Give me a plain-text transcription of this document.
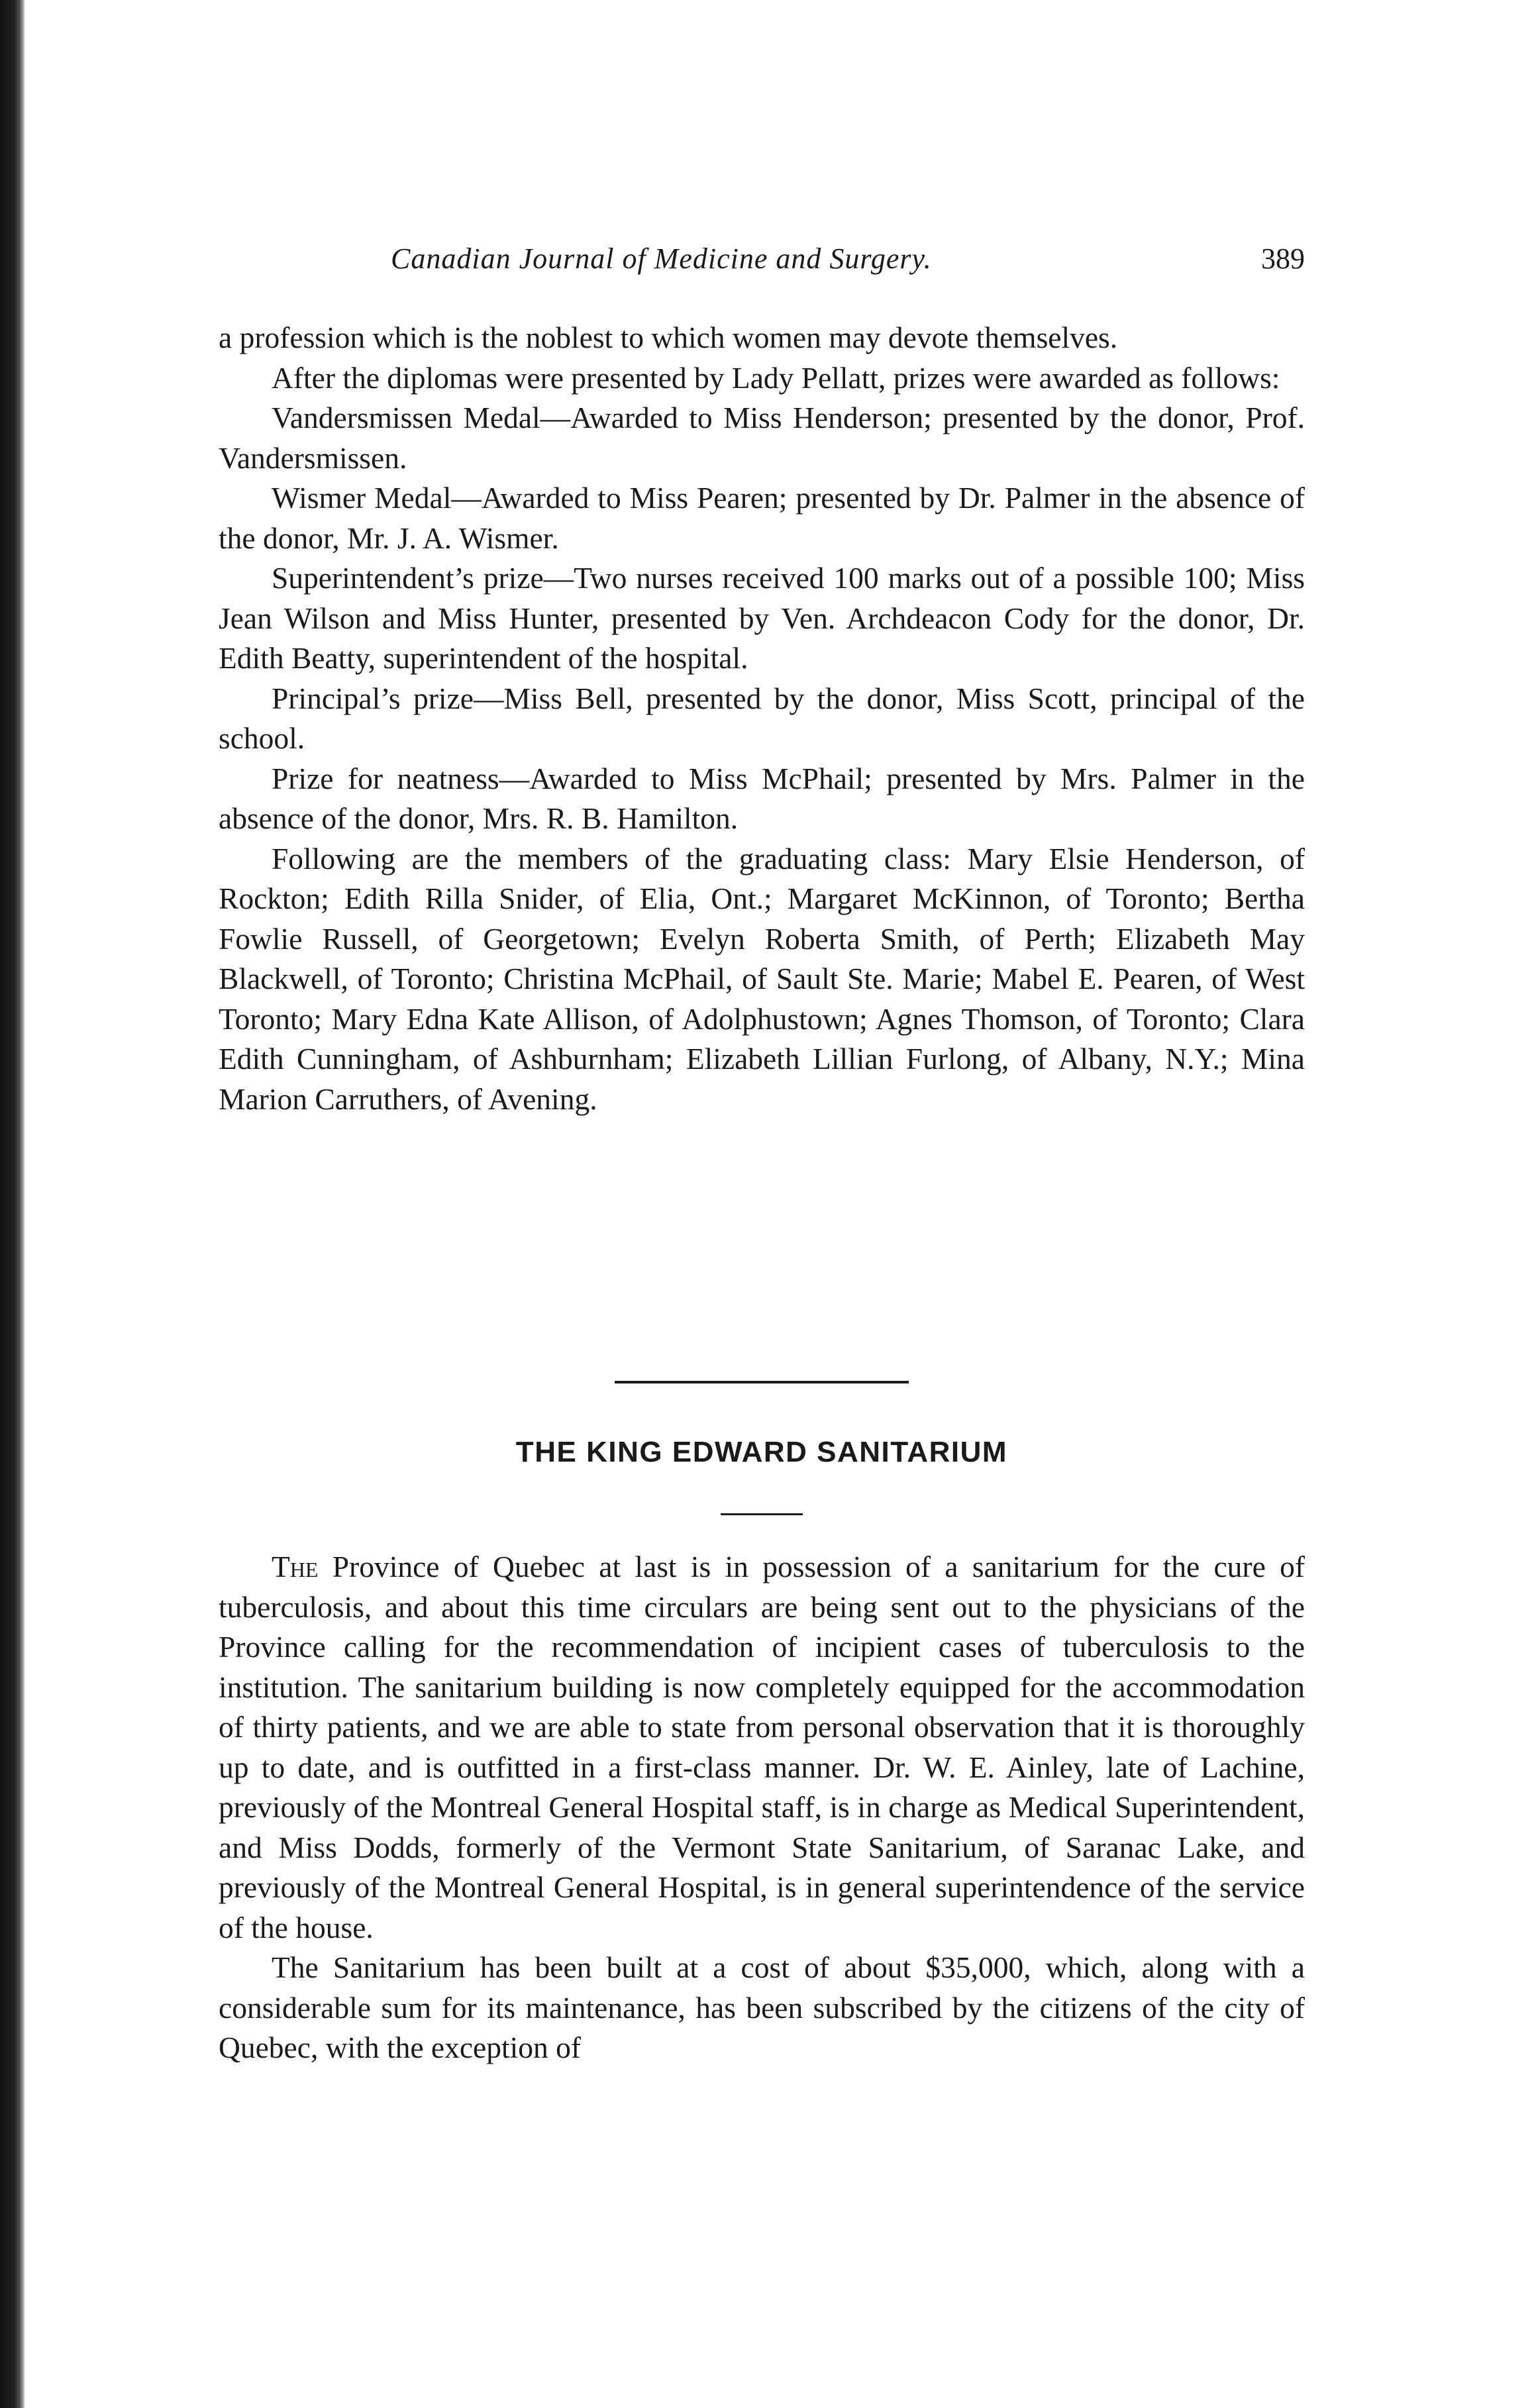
Canadian Journal of Medicine and Surgery.	389

a profession which is the noblest to which women may devote themselves.

After the diplomas were presented by Lady Pellatt, prizes were awarded as follows:

Vandersmissen Medal—Awarded to Miss Henderson; presented by the donor, Prof. Vandersmissen.

Wismer Medal—Awarded to Miss Pearen; presented by Dr. Palmer in the absence of the donor, Mr. J. A. Wismer.

Superintendent’s prize—Two nurses received 100 marks out of a possible 100; Miss Jean Wilson and Miss Hunter, presented by Ven. Archdeacon Cody for the donor, Dr. Edith Beatty, superintendent of the hospital.

Principal’s prize—Miss Bell, presented by the donor, Miss Scott, principal of the school.

Prize for neatness—Awarded to Miss McPhail; presented by Mrs. Palmer in the absence of the donor, Mrs. R. B. Hamilton.

Following are the members of the graduating class: Mary Elsie Henderson, of Rockton; Edith Rilla Snider, of Elia, Ont.; Margaret McKinnon, of Toronto; Bertha Fowlie Russell, of Georgetown; Evelyn Roberta Smith, of Perth; Elizabeth May Blackwell, of Toronto; Christina McPhail, of Sault Ste. Marie; Mabel E. Pearen, of West Toronto; Mary Edna Kate Allison, of Adolphustown; Agnes Thomson, of Toronto; Clara Edith Cunningham, of Ashburnham; Elizabeth Lillian Furlong, of Albany, N.Y.; Mina Marion Carruthers, of Avening.

THE KING EDWARD SANITARIUM

The Province of Quebec at last is in possession of a sanitarium for the cure of tuberculosis, and about this time circulars are being sent out to the physicians of the Province calling for the recommendation of incipient cases of tuberculosis to the institution. The sanitarium building is now completely equipped for the accommodation of thirty patients, and we are able to state from personal observation that it is thoroughly up to date, and is outfitted in a first-class manner. Dr. W. E. Ainley, late of Lachine, previously of the Montreal General Hospital staff, is in charge as Medical Superintendent, and Miss Dodds, formerly of the Vermont State Sanitarium, of Saranac Lake, and previously of the Montreal General Hospital, is in general superintendence of the service of the house.

The Sanitarium has been built at a cost of about $35,000, which, along with a considerable sum for its maintenance, has been subscribed by the citizens of the city of Quebec, with the exception of
